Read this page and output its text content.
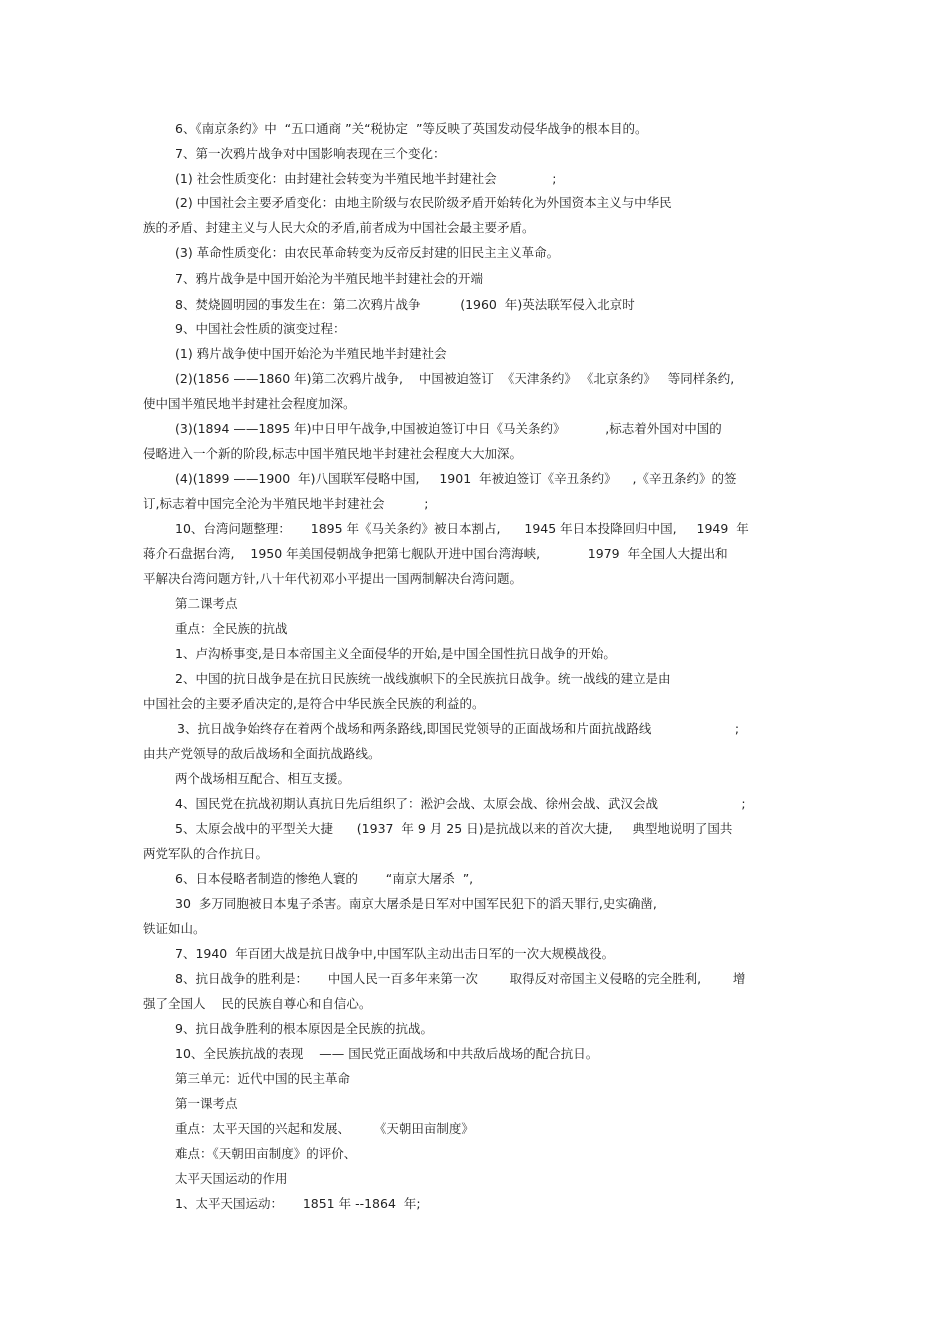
6、《南京条约》中  “五口通商 ”关“税协定  ”等反映了英国发动侵华战争的根本目的。

7、第一次鸦片战争对中国影响表现在三个变化：

(1) 社会性质变化：由封建社会转变为半殖民地半封建社会              ;

(2) 中国社会主要矛盾变化：由地主阶级与农民阶级矛盾开始转化为外国资本主义与中华民

族的矛盾、封建主义与人民大众的矛盾,前者成为中国社会最主要矛盾。

(3) 革命性质变化：由农民革命转变为反帝反封建的旧民主主义革命。

7、鸦片战争是中国开始沦为半殖民地半封建社会的开端

8、焚烧圆明园的事发生在：第二次鸦片战争          (1960  年)英法联军侵入北京时

9、中国社会性质的演变过程：

(1) 鸦片战争使中国开始沦为半殖民地半封建社会

(2)(1856 ——1860 年)第二次鸦片战争,    中国被迫签订  《天津条约》 《北京条约》   等同样条约,

使中国半殖民地半封建社会程度加深。

(3)(1894 ——1895 年)中日甲午战争,中国被迫签订中日《马关条约》          ,标志着外国对中国的

侵略进入一个新的阶段,标志中国半殖民地半封建社会程度大大加深。

(4)(1899 ——1900  年)八国联军侵略中国,     1901  年被迫签订《辛丑条约》    ,《辛丑条约》的签

订,标志着中国完全沦为半殖民地半封建社会          ;

10、台湾问题整理：     1895 年《马关条约》被日本割占,      1945 年日本投降回归中国,     1949  年

蒋介石盘据台湾,    1950 年美国侵朝战争把第七舰队开进中国台湾海峡,            1979  年全国人大提出和

平解决台湾问题方针,八十年代初邓小平提出一国两制解决台湾问题。

第二课考点

重点：全民族的抗战

1、卢沟桥事变,是日本帝国主义全面侵华的开始,是中国全国性抗日战争的开始。

2、中国的抗日战争是在抗日民族统一战线旗帜下的全民族抗日战争。统一战线的建立是由

中国社会的主要矛盾决定的,是符合中华民族全民族的利益的。

3、抗日战争始终存在着两个战场和两条路线,即国民党领导的正面战场和片面抗战路线                     ;

由共产党领导的敌后战场和全面抗战路线。

两个战场相互配合、相互支援。

4、国民党在抗战初期认真抗日先后组织了：淞沪会战、太原会战、徐州会战、武汉会战                     ;

5、太原会战中的平型关大捷      (1937  年 9 月 25 日)是抗战以来的首次大捷,     典型地说明了国共

两党军队的合作抗日。

6、日本侵略者制造的惨绝人寰的       “南京大屠杀  ”,

30  多万同胞被日本鬼子杀害。南京大屠杀是日军对中国军民犯下的滔天罪行,史实确凿,

铁证如山。

7、1940  年百团大战是抗日战争中,中国军队主动出击日军的一次大规模战役。

8、抗日战争的胜利是：     中国人民一百多年来第一次        取得反对帝国主义侵略的完全胜利,        增

强了全国人    民的民族自尊心和自信心。

9、抗日战争胜利的根本原因是全民族的抗战。

10、全民族抗战的表现    —— 国民党正面战场和中共敌后战场的配合抗日。

第三单元：近代中国的民主革命

第一课考点

重点：太平天国的兴起和发展、      《天朝田亩制度》

难点：《天朝田亩制度》的评价、

太平天国运动的作用

1、太平天国运动：     1851 年 --1864  年;
